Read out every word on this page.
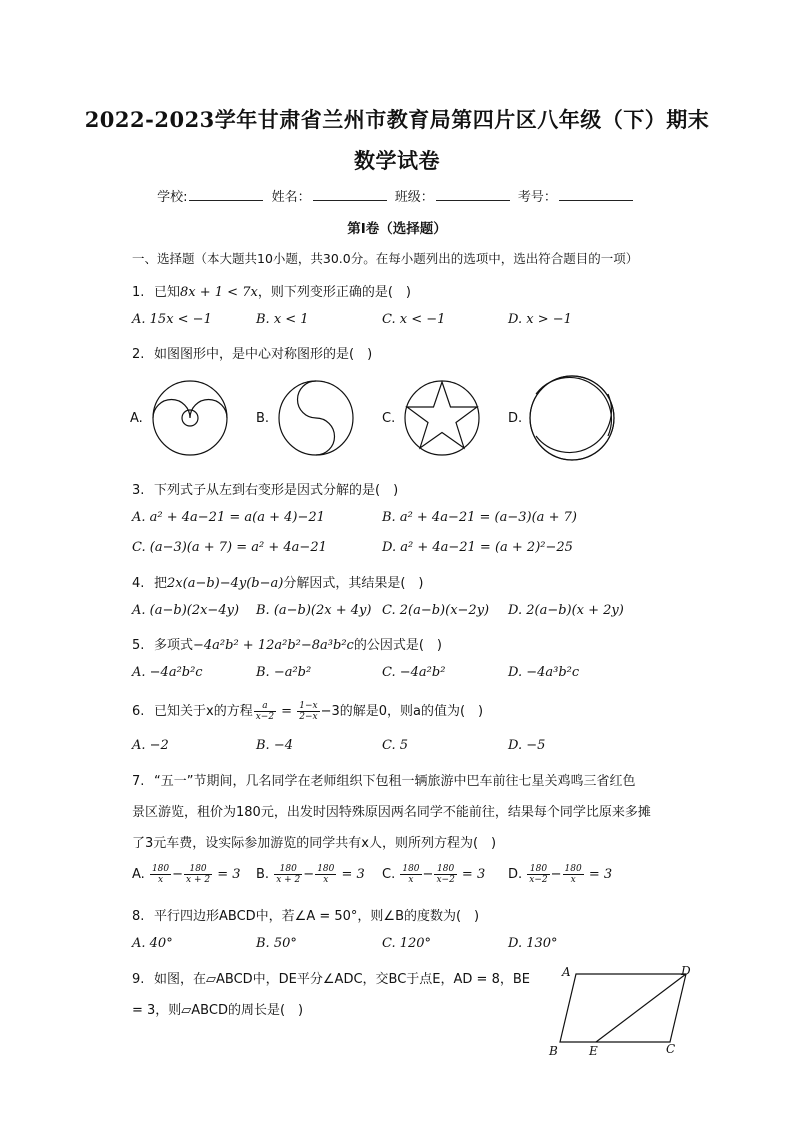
2022-2023学年甘肃省兰州市教育局第四片区八年级（下）期末
数学试卷
学校:	姓名：	班级：	考号：
第I卷（选择题）
一、选择题（本大题共10小题，共30.0分。在每小题列出的选项中，选出符合题目的一项）
1. 已知8x + 1 < 7x，则下列变形正确的是(　)
A. 15x < −1	B. x < 1	C. x < −1	D. x > −1
2. 如图图形中，是中心对称图形的是(　)
A.	B.	C.	D.
3. 下列式子从左到右变形是因式分解的是(　)
A. a² + 4a−21 = a(a + 4)−21	B. a² + 4a−21 = (a−3)(a + 7)
C. (a−3)(a + 7) = a² + 4a−21	D. a² + 4a−21 = (a + 2)²−25
4. 把2x(a−b)−4y(b−a)分解因式，其结果是(　)
A. (a−b)(2x−4y) B. (a−b)(2x + 4y) C. 2(a−b)(x−2y) D. 2(a−b)(x + 2y)
5. 多项式−4a²b² + 12a²b²−8a³b²c的公因式是(　)
A. −4a²b²c	B. −a²b²	C. −4a²b²	D. −4a³b²c
6. 已知关于x的方程 $\frac{a}{x-2} = \frac{1-x}{2-x} -3$的解是0，则a的值为(　)
A. −2	B. −4	C. 5	D. −5
7. “五一”节期间，几名同学在老师组织下包租一辆旅游中巴车前往七星关鸡鸣三省红色
景区游览，租价为180元，出发时因特殊原因两名同学不能前往，结果每个同学比原来多摊
了3元车费，设实际参加游览的同学共有x人，则所列方程为(　)
A. $\frac{180}{x} - \frac{180}{x + 2} = 3$ B. $\frac{180}{x + 2} - \frac{180}{x} = 3$ C. $\frac{180}{x} - \frac{180}{x-2} = 3$ D. $\frac{180}{x-2} - \frac{180}{x} = 3$
8. 平行四边形ABCD中，若∠A = 50°，则∠B的度数为(　)
A. 40°	B. 50°	C. 120°	D. 130°
9. 如图，在▱ABCD中，DE平分∠ADC，交BC于点E，AD = 8，BE
= 3，则▱ABCD的周长是(　)
A	D
B	E	C
